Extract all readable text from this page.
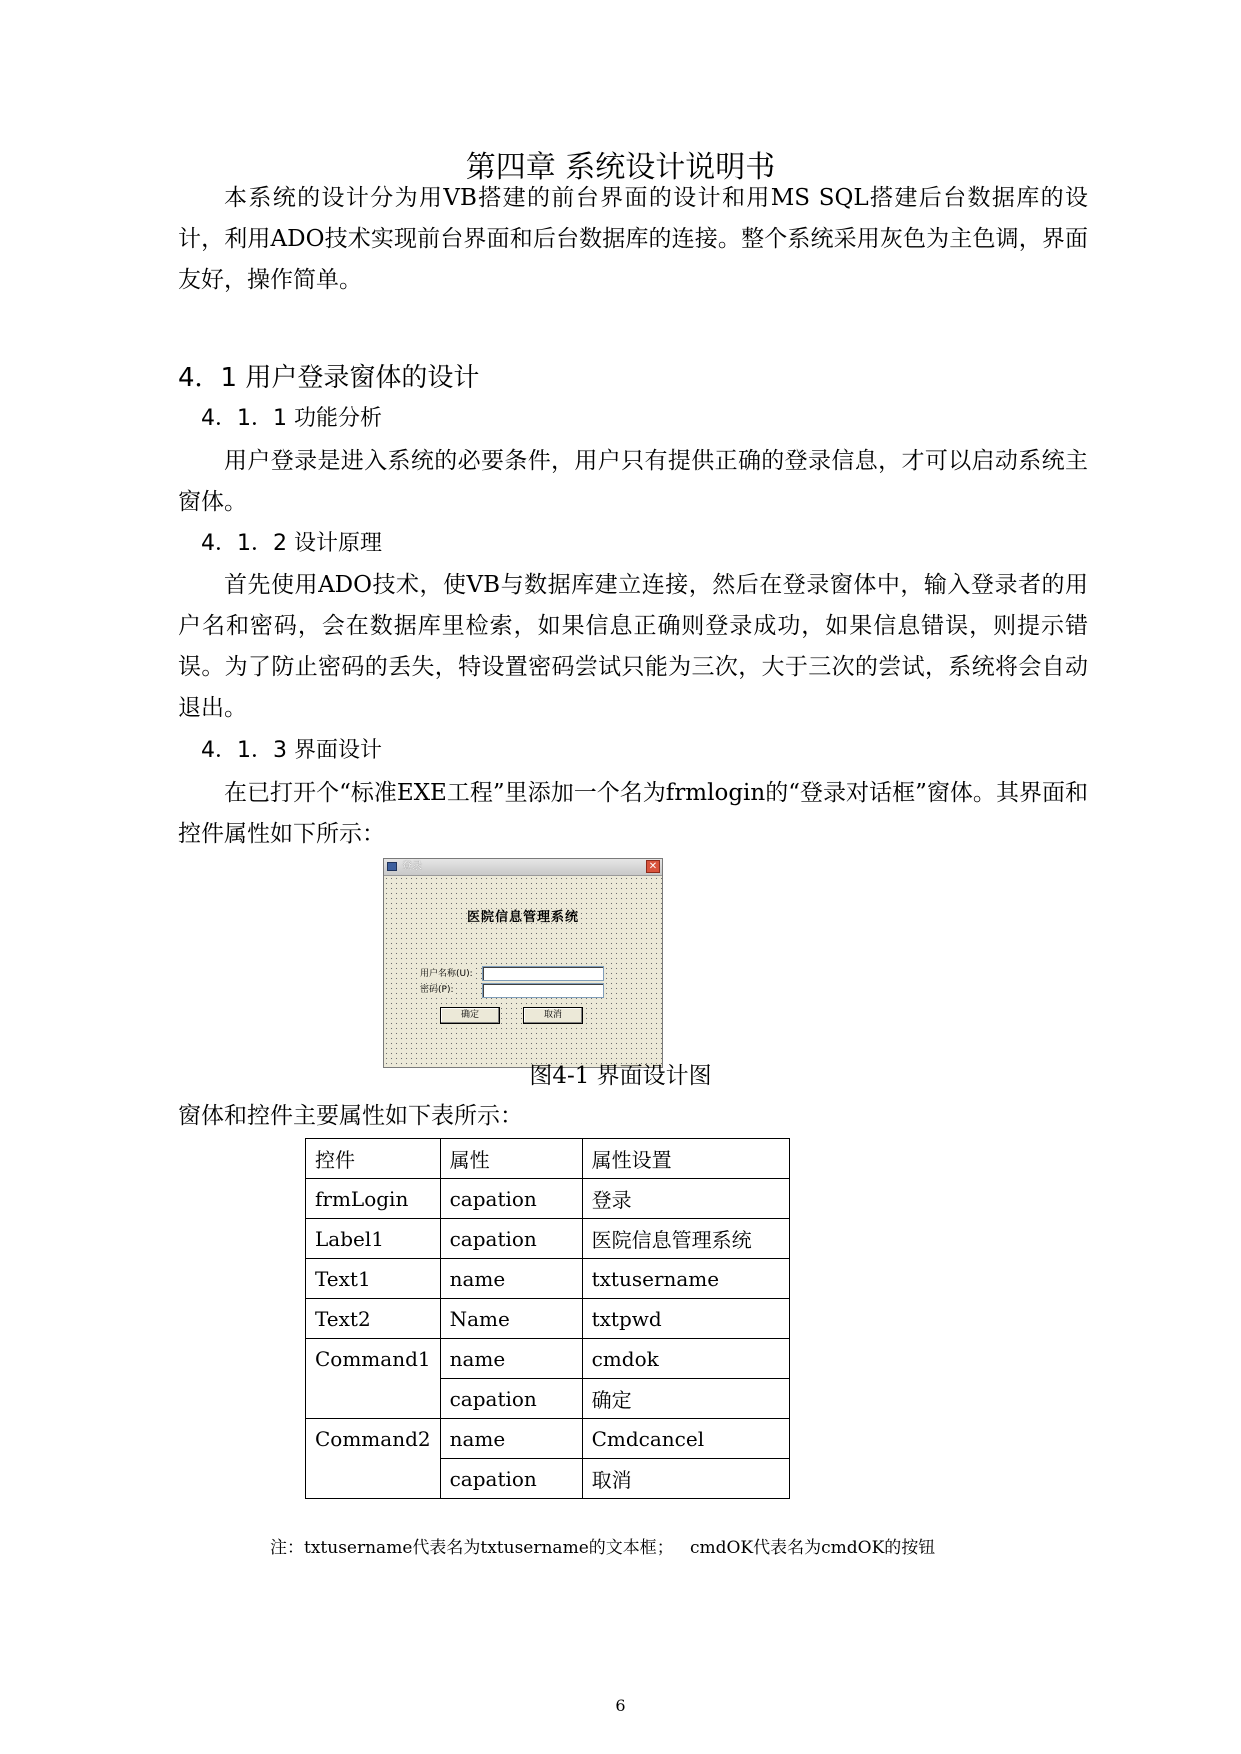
第四章 系统设计说明书

本系统的设计分为用VB搭建的前台界面的设计和用MS SQL搭建后台数据库的设计，利用ADO技术实现前台界面和后台数据库的连接。整个系统采用灰色为主色调，界面友好，操作简单。

4．1 用户登录窗体的设计
4．1．1 功能分析

用户登录是进入系统的必要条件，用户只有提供正确的登录信息，才可以启动系统主窗体。

4．1．2 设计原理

首先使用ADO技术，使VB与数据库建立连接，然后在登录窗体中，输入登录者的用户名和密码，会在数据库里检索，如果信息正确则登录成功，如果信息错误，则提示错误。为了防止密码的丢失，特设置密码尝试只能为三次，大于三次的尝试，系统将会自动退出。

4．1．3 界面设计

在已打开个“标准EXE工程”里添加一个名为frmlogin的“登录对话框”窗体。其界面和控件属性如下所示：

登录	✕
医院信息管理系统
用户名称(U):
密码(P):
确定	取消
图4-1 界面设计图
窗体和控件主要属性如下表所示：
控件	属性	属性设置
frmLogin	capation	登录
Label1	capation	医院信息管理系统
Text1	name	txtusername
Text2	Name	txtpwd
Command1	name	cmdok
	capation	确定
Command2	name	Cmdcancel
	capation	取消
注：txtusername代表名为txtusername的文本框；   cmdOK代表名为cmdOK的按钮
6
